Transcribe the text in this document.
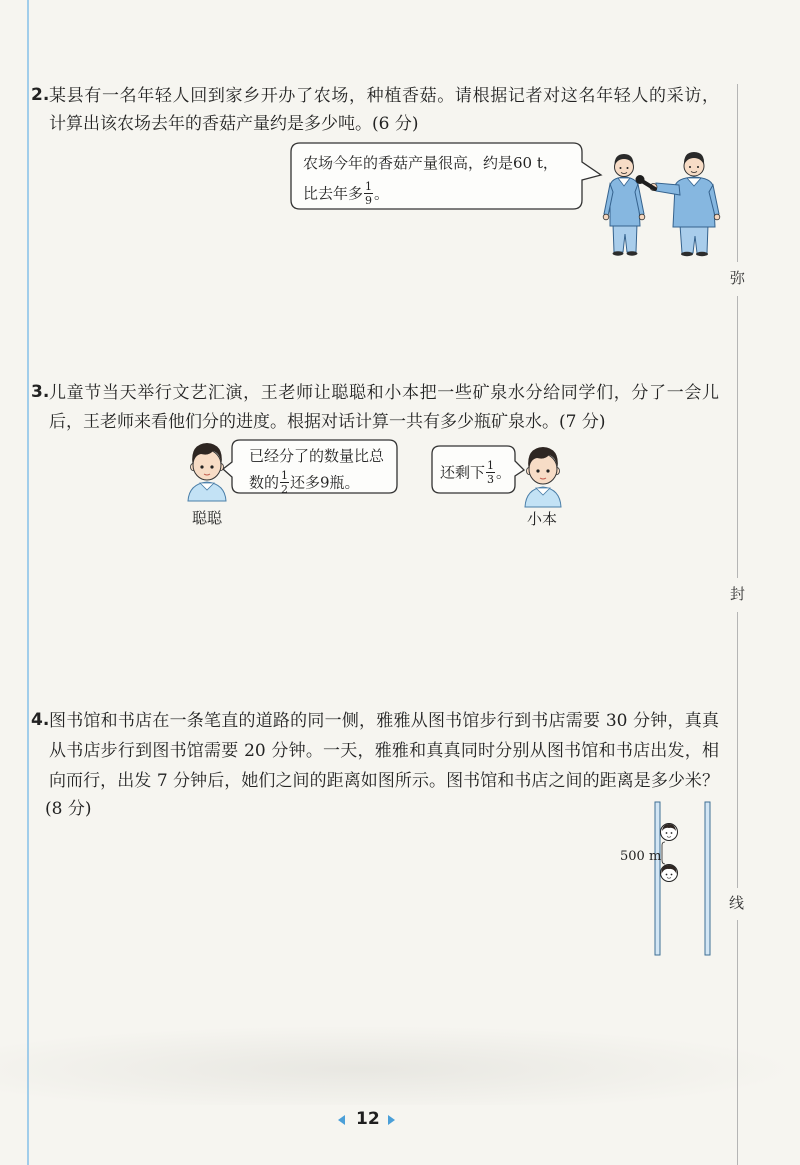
弥
封
线
2. 某县有一名年轻人回到家乡开办了农场，种植香菇。请根据记者对这名年轻人的采访，
计算出该农场去年的香菇产量约是多少吨。(6 分)
农场今年的香菇产量很高，约是60 t，
比去年多 $\frac{1}{9}$ 。
3. 儿童节当天举行文艺汇演，王老师让聪聪和小本把一些矿泉水分给同学们，分了一会儿
后，王老师来看他们分的进度。根据对话计算一共有多少瓶矿泉水。(7 分)
已经分了的数量比总
数的 $\frac{1}{2}$ 还多9瓶。
还剩下 $\frac{1}{3}$ 。
聪聪	小本
4. 图书馆和书店在一条笔直的道路的同一侧，雅雅从图书馆步行到书店需要 30 分钟，真真
从书店步行到图书馆需要 20 分钟。一天，雅雅和真真同时分别从图书馆和书店出发，相
向而行，出发 7 分钟后，她们之间的距离如图所示。图书馆和书店之间的距离是多少米？
(8 分)
500 m
12
